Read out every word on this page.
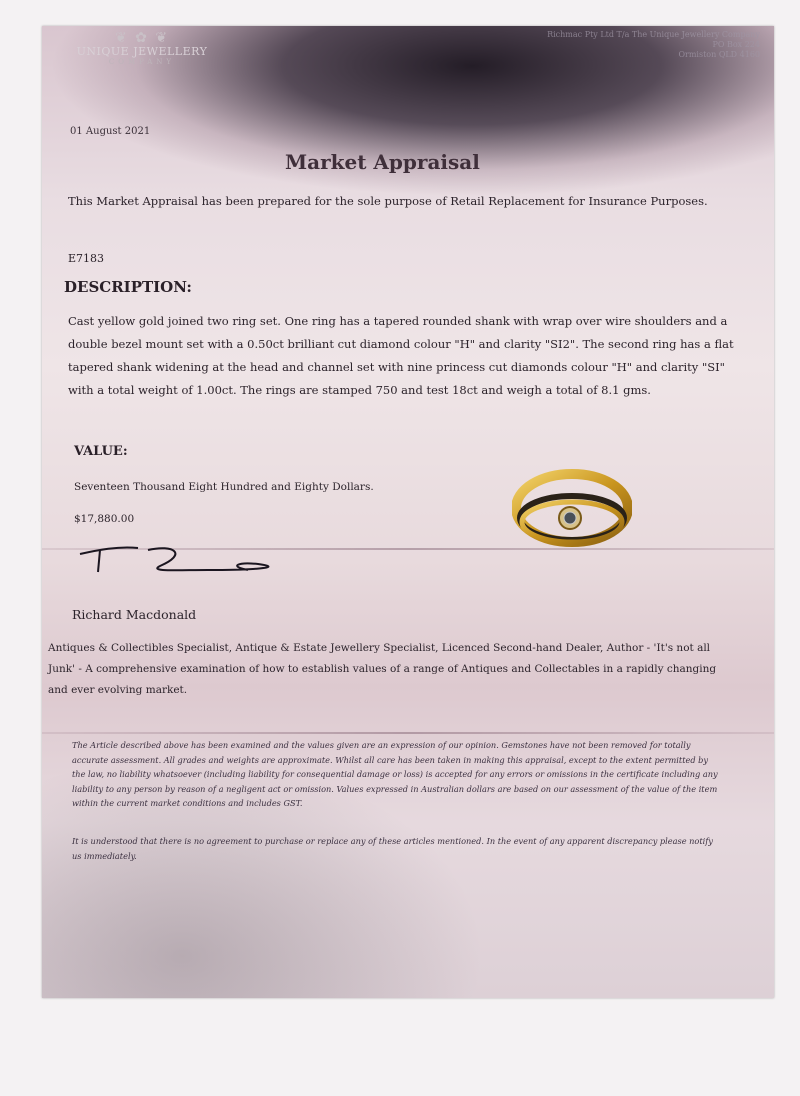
❦ ✿ ❦
UNIQUE JEWELLERY
COMPANY
Richmac Pty Ltd T/a The Unique Jewellery Company
PO Box 224
Ormiston QLD 4160
01 August 2021
Market Appraisal
This Market Appraisal has been prepared for the sole purpose of Retail Replacement for Insurance Purposes.
E7183
DESCRIPTION:
Cast yellow gold joined two ring set. One ring has a tapered rounded shank with wrap over wire shoulders and a double bezel mount set with a 0.50ct brilliant cut diamond colour "H" and clarity "SI2". The second ring has a flat tapered shank widening at the head and channel set with nine princess cut diamonds colour "H" and clarity "SI" with a total weight of 1.00ct. The rings are stamped 750 and test 18ct and weigh a total of 8.1 gms.
VALUE:
Seventeen Thousand Eight Hundred and Eighty Dollars.
$17,880.00
Richard Macdonald
Antiques & Collectibles Specialist, Antique & Estate Jewellery Specialist, Licenced Second-hand Dealer, Author - 'It's not all Junk' - A comprehensive examination of how to establish values of a range of Antiques and Collectables in a rapidly changing and ever evolving market.
The Article described above has been examined and the values given are an expression of our opinion. Gemstones have not been removed for totally accurate assessment. All grades and weights are approximate. Whilst all care has been taken in making this appraisal, except to the extent permitted by the law, no liability whatsoever (including liability for consequential damage or loss) is accepted for any errors or omissions in the certificate including any liability to any person by reason of a negligent act or omission. Values expressed in Australian dollars are based on our assessment of the value of the item within the current market conditions and includes GST.
It is understood that there is no agreement to purchase or replace any of these articles mentioned. In the event of any apparent discrepancy please notify us immediately.
